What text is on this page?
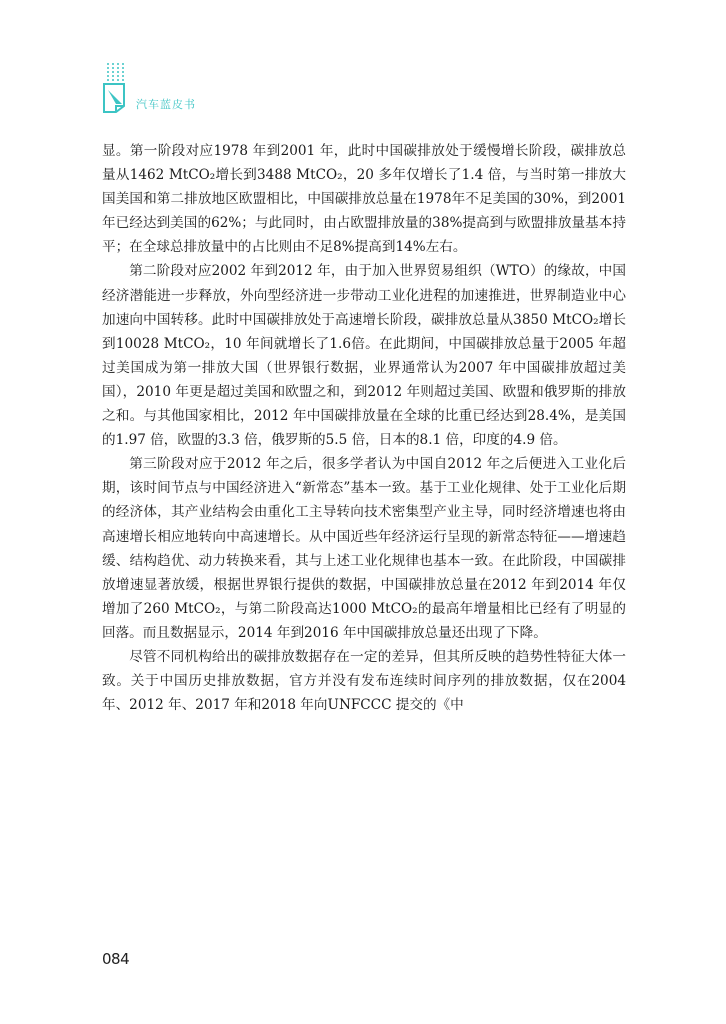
汽车蓝皮书

显。第一阶段对应1978 年到2001 年，此时中国碳排放处于缓慢增长阶段，碳排放总量从1462 MtCO₂增长到3488 MtCO₂，20 多年仅增长了1.4 倍，与当时第一排放大国美国和第二排放地区欧盟相比，中国碳排放总量在1978年不足美国的30%，到2001 年已经达到美国的62%；与此同时，由占欧盟排放量的38%提高到与欧盟排放量基本持平；在全球总排放量中的占比则由不足8%提高到14%左右。

第二阶段对应2002 年到2012 年，由于加入世界贸易组织（WTO）的缘故，中国经济潜能进一步释放，外向型经济进一步带动工业化进程的加速推进，世界制造业中心加速向中国转移。此时中国碳排放处于高速增长阶段，碳排放总量从3850 MtCO₂增长到10028 MtCO₂，10 年间就增长了1.6倍。在此期间，中国碳排放总量于2005 年超过美国成为第一排放大国（世界银行数据，业界通常认为2007 年中国碳排放超过美国），2010 年更是超过美国和欧盟之和，到2012 年则超过美国、欧盟和俄罗斯的排放之和。与其他国家相比，2012 年中国碳排放量在全球的比重已经达到28.4%，是美国的1.97 倍，欧盟的3.3 倍，俄罗斯的5.5 倍，日本的8.1 倍，印度的4.9 倍。

第三阶段对应于2012 年之后，很多学者认为中国自2012 年之后便进入工业化后期，该时间节点与中国经济进入“新常态”基本一致。基于工业化规律、处于工业化后期的经济体，其产业结构会由重化工主导转向技术密集型产业主导，同时经济增速也将由高速增长相应地转向中高速增长。从中国近些年经济运行呈现的新常态特征——增速趋缓、结构趋优、动力转换来看，其与上述工业化规律也基本一致。在此阶段，中国碳排放增速显著放缓，根据世界银行提供的数据，中国碳排放总量在2012 年到2014 年仅增加了260 MtCO₂，与第二阶段高达1000 MtCO₂的最高年增量相比已经有了明显的回落。而且数据显示，2014 年到2016 年中国碳排放总量还出现了下降。

尽管不同机构给出的碳排放数据存在一定的差异，但其所反映的趋势性特征大体一致。关于中国历史排放数据，官方并没有发布连续时间序列的排放数据，仅在2004 年、2012 年、2017 年和2018 年向UNFCCC 提交的《中

084
